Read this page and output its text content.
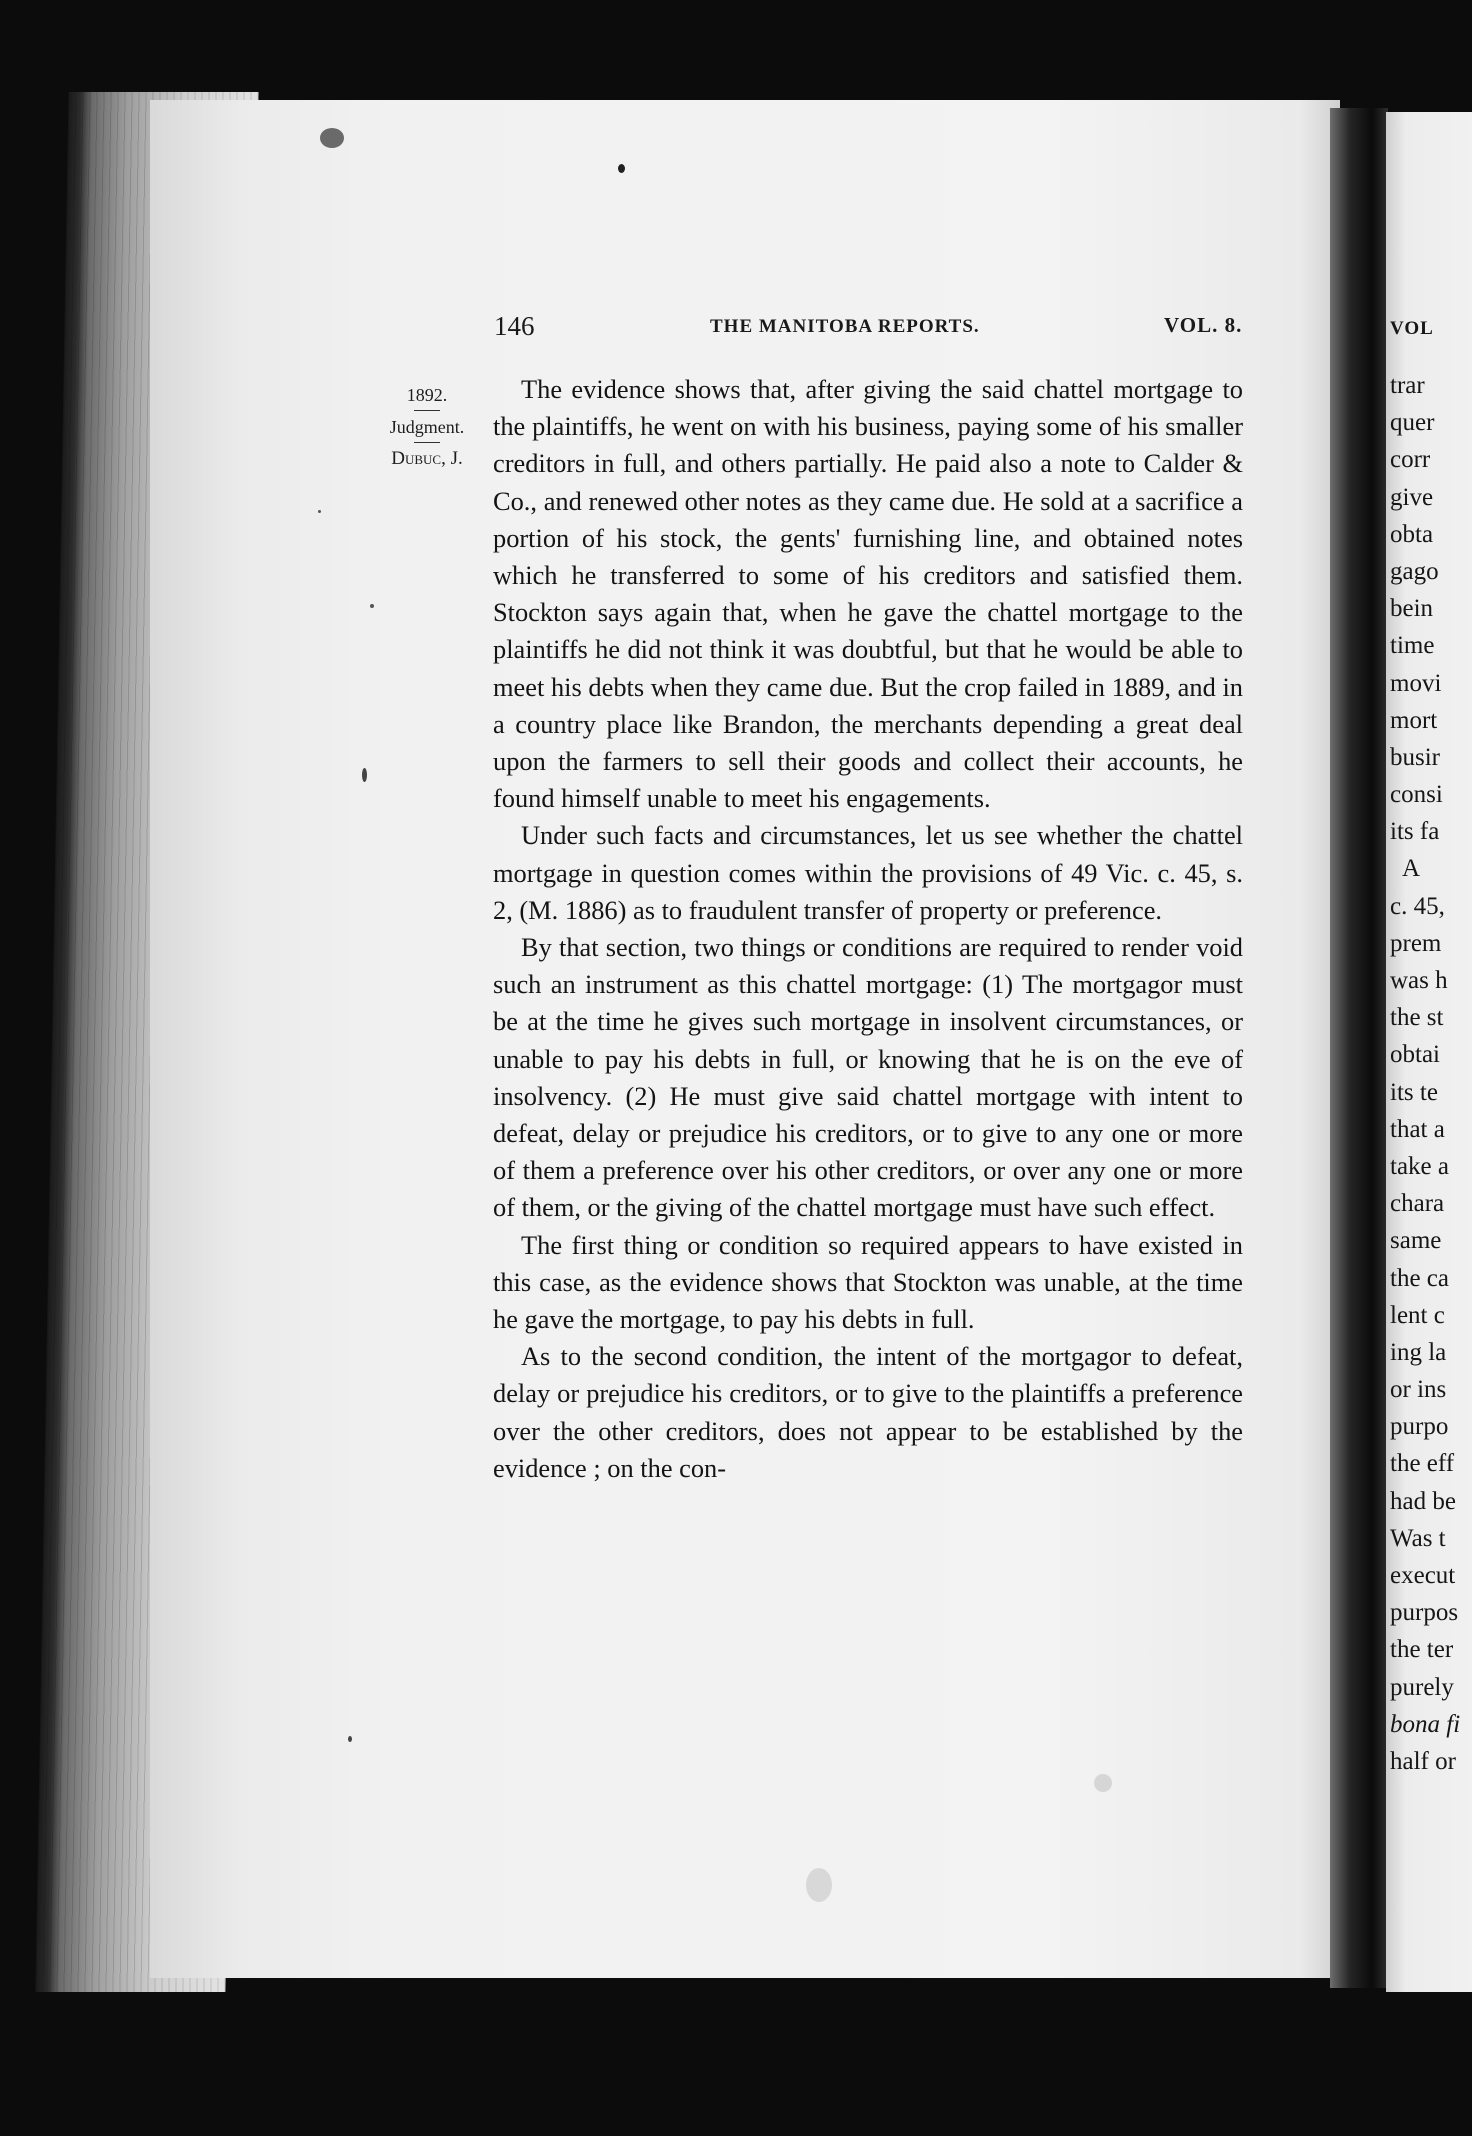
146	THE MANITOBA REPORTS.	VOL. 8.
1892.
Judgment.
Dubuc, J.

The evidence shows that, after giving the said chattel mortgage to the plaintiffs, he went on with his business, paying some of his smaller creditors in full, and others partially. He paid also a note to Calder & Co., and renewed other notes as they came due. He sold at a sacrifice a portion of his stock, the gents' furnishing line, and obtained notes which he transferred to some of his creditors and satisfied them. Stockton says again that, when he gave the chattel mortgage to the plaintiffs he did not think it was doubtful, but that he would be able to meet his debts when they came due. But the crop failed in 1889, and in a country place like Brandon, the merchants depending a great deal upon the farmers to sell their goods and collect their accounts, he found himself unable to meet his engagements.

Under such facts and circumstances, let us see whether the chattel mortgage in question comes within the provisions of 49 Vic. c. 45, s. 2, (M. 1886) as to fraudulent transfer of property or preference.

By that section, two things or conditions are required to render void such an instrument as this chattel mortgage: (1) The mortgagor must be at the time he gives such mortgage in insolvent circumstances, or unable to pay his debts in full, or knowing that he is on the eve of insolvency. (2) He must give said chattel mortgage with intent to defeat, delay or prejudice his creditors, or to give to any one or more of them a preference over his other creditors, or over any one or more of them, or the giving of the chattel mortgage must have such effect.

The first thing or condition so required appears to have existed in this case, as the evidence shows that Stockton was unable, at the time he gave the mortgage, to pay his debts in full.

As to the second condition, the intent of the mortgagor to defeat, delay or prejudice his creditors, or to give to the plaintiffs a preference over the other creditors, does not appear to be established by the evidence ; on the con-

VOL
trar
quer
corr
give
obta
gago
bein
time
movi
mort
busir
consi
its fa
A
c. 45,
prem
was h
the st
obtai
its te
that a
take a
chara
same
the ca
lent c
ing la
or ins
purpo
the eff
had be
Was t
execut
purpos
the ter
purely
bona fi
half or
